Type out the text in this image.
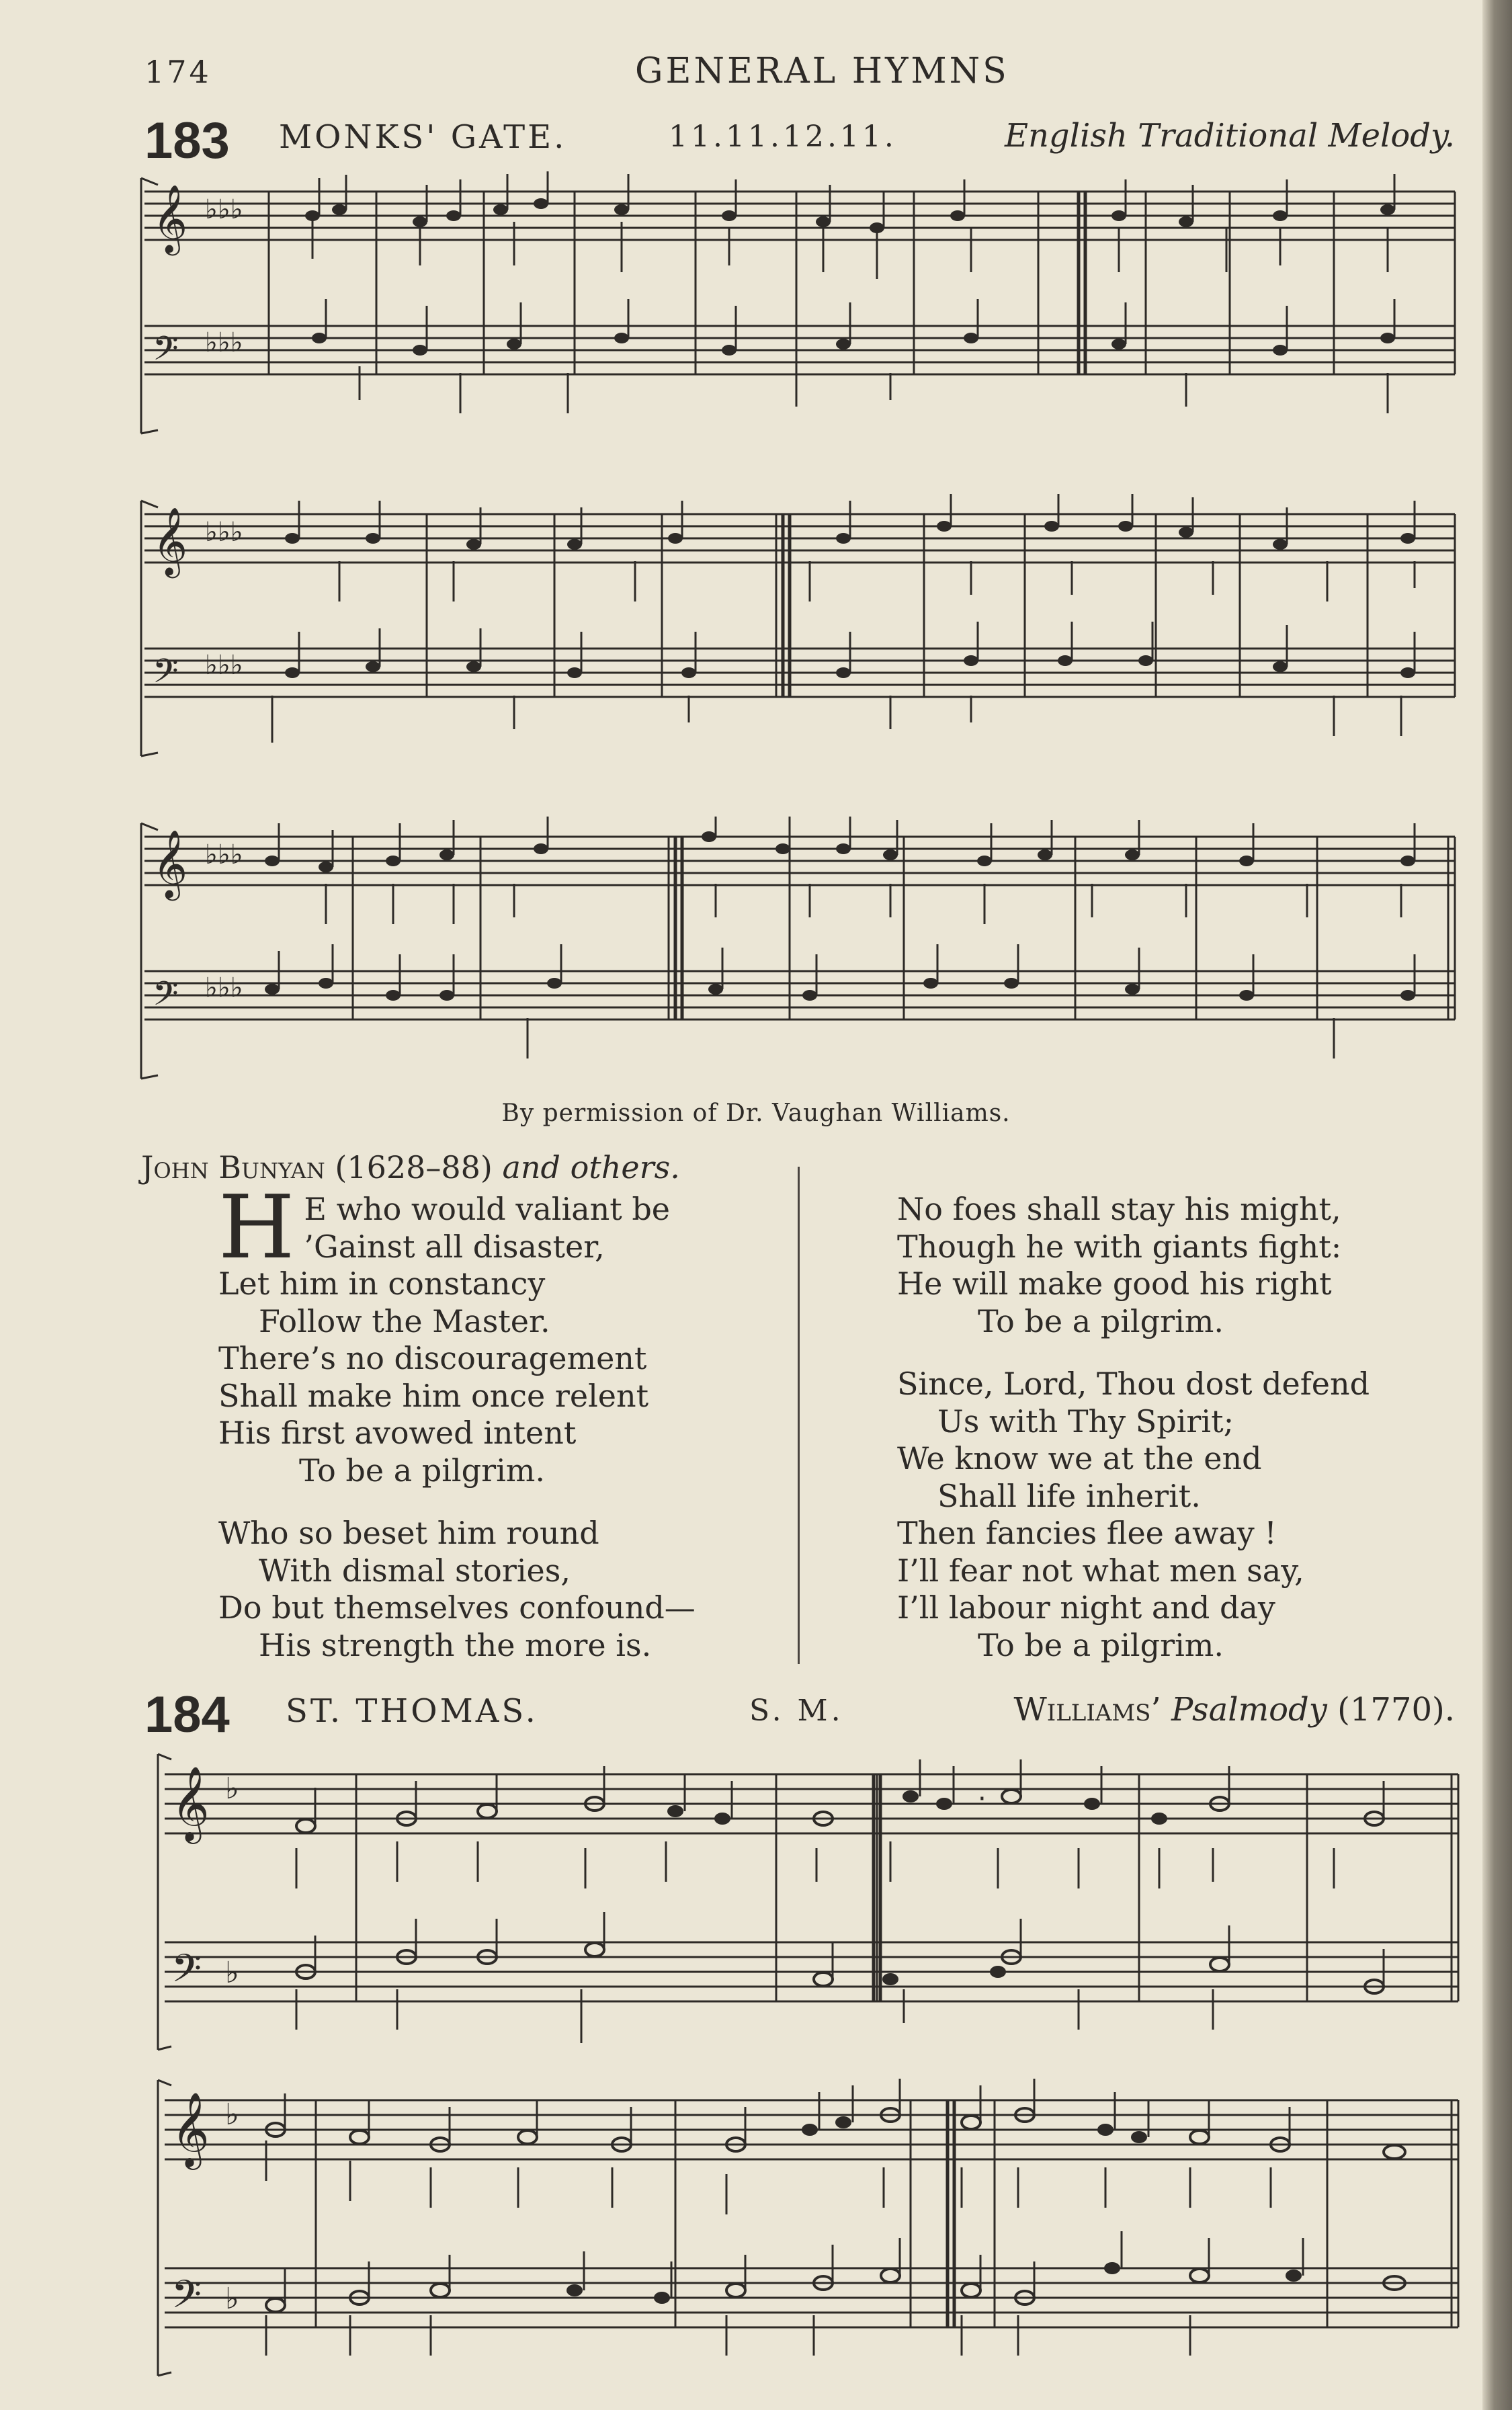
174	GENERAL HYMNS
183 MONKS' GATE.	11.11.12.11.	English Traditional Melody.
𝄞
𝄢
♭♭♭
♭♭♭
𝄞
𝄢
♭♭♭
♭♭♭
𝄞
𝄢
♭♭♭
♭♭♭
By permission of Dr. Vaughan Williams.
John Bunyan (1628–88) and others.
H E who would valiant be
’Gainst all disaster,
Let him in constancy
Follow the Master.
There’s no discouragement
Shall make him once relent
His first avowed intent
To be a pilgrim.
Who so beset him round
With dismal stories,
Do but themselves confound—
His strength the more is.
No foes shall stay his might,
Though he with giants fight:
He will make good his right
To be a pilgrim.
Since, Lord, Thou dost defend
Us with Thy Spirit;
We know we at the end
Shall life inherit.
Then fancies flee away !
I’ll fear not what men say,
I’ll labour night and day
To be a pilgrim.
184 ST. THOMAS.	S. M.	Williams’ Psalmody (1770).
𝄞
𝄢
♭
♭
·
𝄞
𝄢
♭
♭
